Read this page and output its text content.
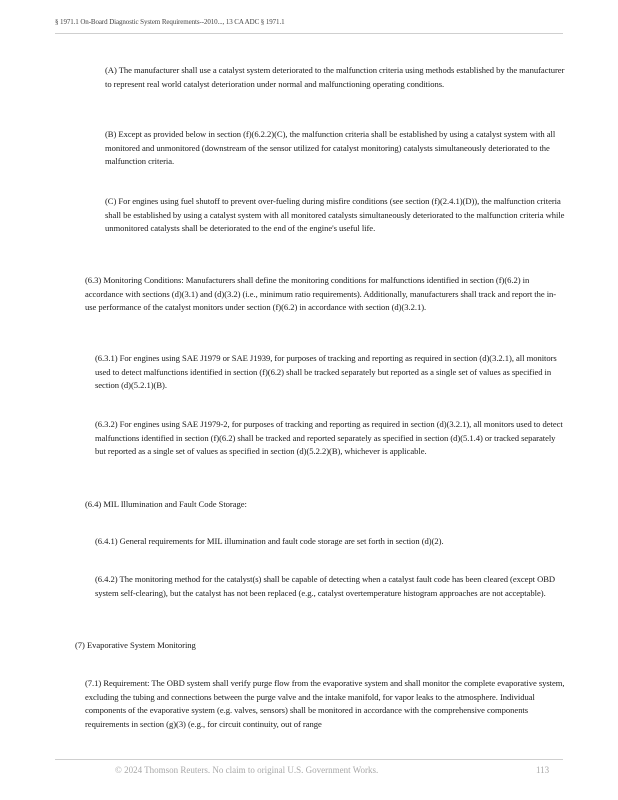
§ 1971.1 On-Board Diagnostic System Requirements--2010..., 13 CA ADC § 1971.1

(A) The manufacturer shall use a catalyst system deteriorated to the malfunction criteria using methods established by the manufacturer to represent real world catalyst deterioration under normal and malfunctioning operating conditions.

(B) Except as provided below in section (f)(6.2.2)(C), the malfunction criteria shall be established by using a catalyst system with all monitored and unmonitored (downstream of the sensor utilized for catalyst monitoring) catalysts simultaneously deteriorated to the malfunction criteria.

(C) For engines using fuel shutoff to prevent over-fueling during misfire conditions (see section (f)(2.4.1)(D)), the malfunction criteria shall be established by using a catalyst system with all monitored catalysts simultaneously deteriorated to the malfunction criteria while unmonitored catalysts shall be deteriorated to the end of the engine's useful life.

(6.3) Monitoring Conditions: Manufacturers shall define the monitoring conditions for malfunctions identified in section (f)(6.2) in accordance with sections (d)(3.1) and (d)(3.2) (i.e., minimum ratio requirements). Additionally, manufacturers shall track and report the in-use performance of the catalyst monitors under section (f)(6.2) in accordance with section (d)(3.2.1).

(6.3.1) For engines using SAE J1979 or SAE J1939, for purposes of tracking and reporting as required in section (d)(3.2.1), all monitors used to detect malfunctions identified in section (f)(6.2) shall be tracked separately but reported as a single set of values as specified in section (d)(5.2.1)(B).

(6.3.2) For engines using SAE J1979-2, for purposes of tracking and reporting as required in section (d)(3.2.1), all monitors used to detect malfunctions identified in section (f)(6.2) shall be tracked and reported separately as specified in section (d)(5.1.4) or tracked separately but reported as a single set of values as specified in section (d)(5.2.2)(B), whichever is applicable.

(6.4) MIL Illumination and Fault Code Storage:

(6.4.1) General requirements for MIL illumination and fault code storage are set forth in section (d)(2).

(6.4.2) The monitoring method for the catalyst(s) shall be capable of detecting when a catalyst fault code has been cleared (except OBD system self-clearing), but the catalyst has not been replaced (e.g., catalyst overtemperature histogram approaches are not acceptable).

(7) Evaporative System Monitoring

(7.1) Requirement: The OBD system shall verify purge flow from the evaporative system and shall monitor the complete evaporative system, excluding the tubing and connections between the purge valve and the intake manifold, for vapor leaks to the atmosphere. Individual components of the evaporative system (e.g. valves, sensors) shall be monitored in accordance with the comprehensive components requirements in section (g)(3) (e.g., for circuit continuity, out of range

© 2024 Thomson Reuters. No claim to original U.S. Government Works.	113
